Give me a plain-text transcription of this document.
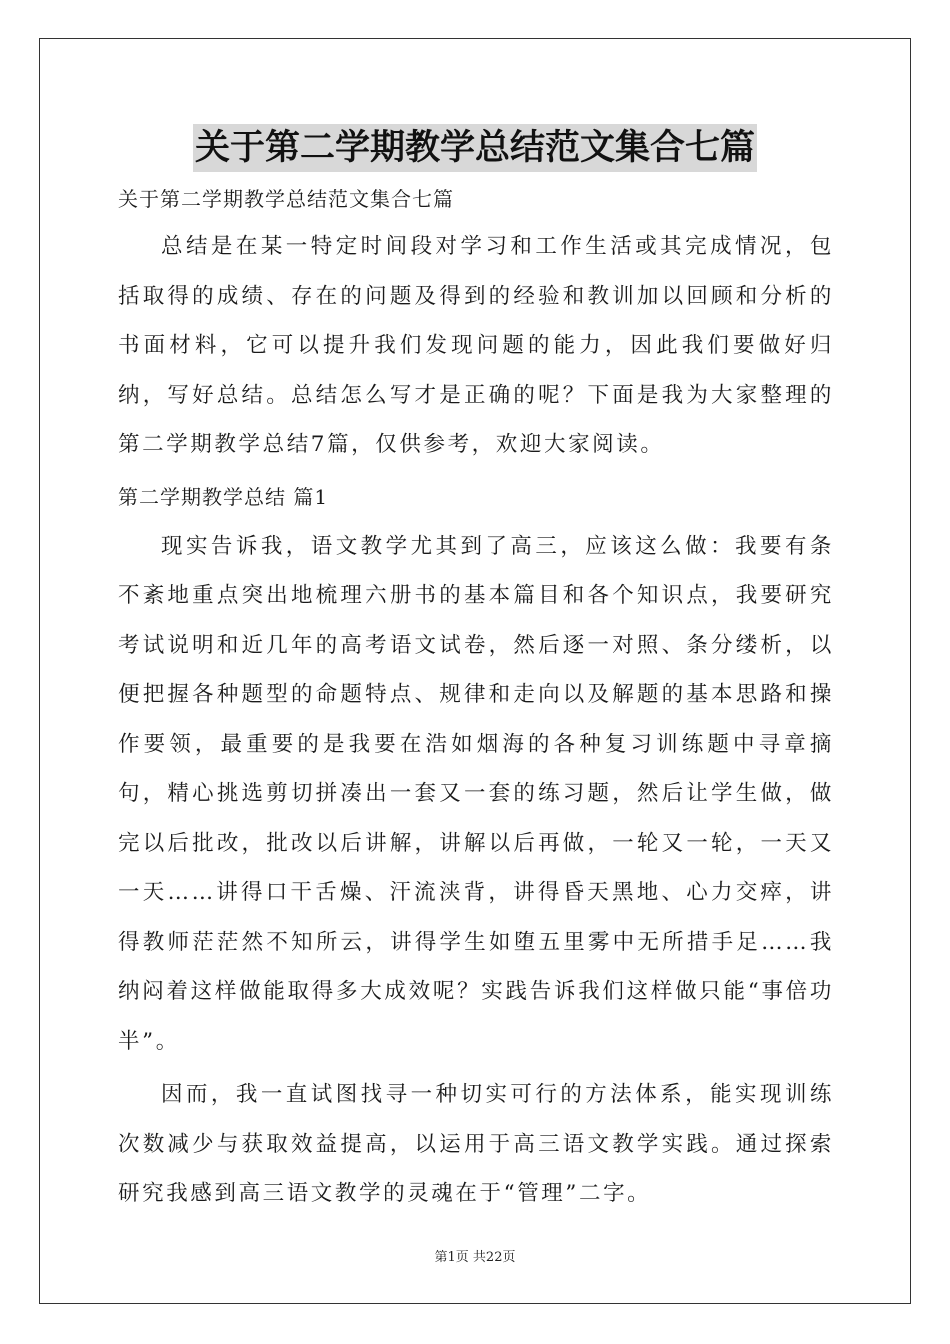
关于第二学期教学总结范文集合七篇
关于第二学期教学总结范文集合七篇

总结是在某一特定时间段对学习和工作生活或其完成情况，包括取得的成绩、存在的问题及得到的经验和教训加以回顾和分析的书面材料，它可以提升我们发现问题的能力，因此我们要做好归纳，写好总结。总结怎么写才是正确的呢？下面是我为大家整理的第二学期教学总结7篇，仅供参考，欢迎大家阅读。

第二学期教学总结 篇1

现实告诉我，语文教学尤其到了高三，应该这么做：我要有条不紊地重点突出地梳理六册书的基本篇目和各个知识点，我要研究考试说明和近几年的高考语文试卷，然后逐一对照、条分缕析，以便把握各种题型的命题特点、规律和走向以及解题的基本思路和操作要领，最重要的是我要在浩如烟海的各种复习训练题中寻章摘句，精心挑选剪切拼凑出一套又一套的练习题，然后让学生做，做完以后批改，批改以后讲解，讲解以后再做，一轮又一轮，一天又一天……讲得口干舌燥、汗流浃背，讲得昏天黑地、心力交瘁，讲得教师茫茫然不知所云，讲得学生如堕五里雾中无所措手足……我纳闷着这样做能取得多大成效呢？实践告诉我们这样做只能“事倍功半”。

因而，我一直试图找寻一种切实可行的方法体系，能实现训练次数减少与获取效益提高，以运用于高三语文教学实践。通过探索研究我感到高三语文教学的灵魂在于“管理”二字。

第1页 共22页
